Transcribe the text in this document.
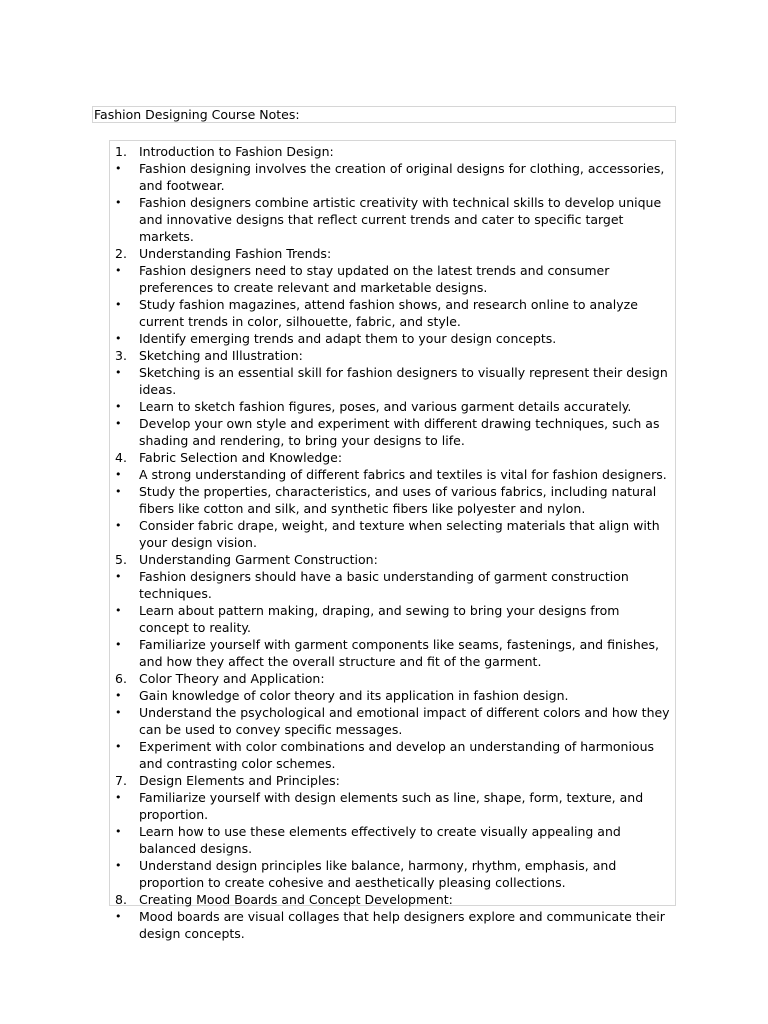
Fashion Designing Course Notes:
1. Introduction to Fashion Design:
•	Fashion designing involves the creation of original designs for clothing, accessories, and footwear.
•	Fashion designers combine artistic creativity with technical skills to develop unique and innovative designs that reflect current trends and cater to specific target markets.
2. Understanding Fashion Trends:
•	Fashion designers need to stay updated on the latest trends and consumer preferences to create relevant and marketable designs.
•	Study fashion magazines, attend fashion shows, and research online to analyze current trends in color, silhouette, fabric, and style.
•	Identify emerging trends and adapt them to your design concepts.
3. Sketching and Illustration:
•	Sketching is an essential skill for fashion designers to visually represent their design ideas.
•	Learn to sketch fashion figures, poses, and various garment details accurately.
•	Develop your own style and experiment with different drawing techniques, such as shading and rendering, to bring your designs to life.
4. Fabric Selection and Knowledge:
•	A strong understanding of different fabrics and textiles is vital for fashion designers.
•	Study the properties, characteristics, and uses of various fabrics, including natural fibers like cotton and silk, and synthetic fibers like polyester and nylon.
•	Consider fabric drape, weight, and texture when selecting materials that align with your design vision.
5. Understanding Garment Construction:
•	Fashion designers should have a basic understanding of garment construction techniques.
•	Learn about pattern making, draping, and sewing to bring your designs from concept to reality.
•	Familiarize yourself with garment components like seams, fastenings, and finishes, and how they affect the overall structure and fit of the garment.
6. Color Theory and Application:
•	Gain knowledge of color theory and its application in fashion design.
•	Understand the psychological and emotional impact of different colors and how they can be used to convey specific messages.
•	Experiment with color combinations and develop an understanding of harmonious and contrasting color schemes.
7. Design Elements and Principles:
•	Familiarize yourself with design elements such as line, shape, form, texture, and proportion.
•	Learn how to use these elements effectively to create visually appealing and balanced designs.
•	Understand design principles like balance, harmony, rhythm, emphasis, and proportion to create cohesive and aesthetically pleasing collections.
8. Creating Mood Boards and Concept Development:
•	Mood boards are visual collages that help designers explore and communicate their design concepts.
